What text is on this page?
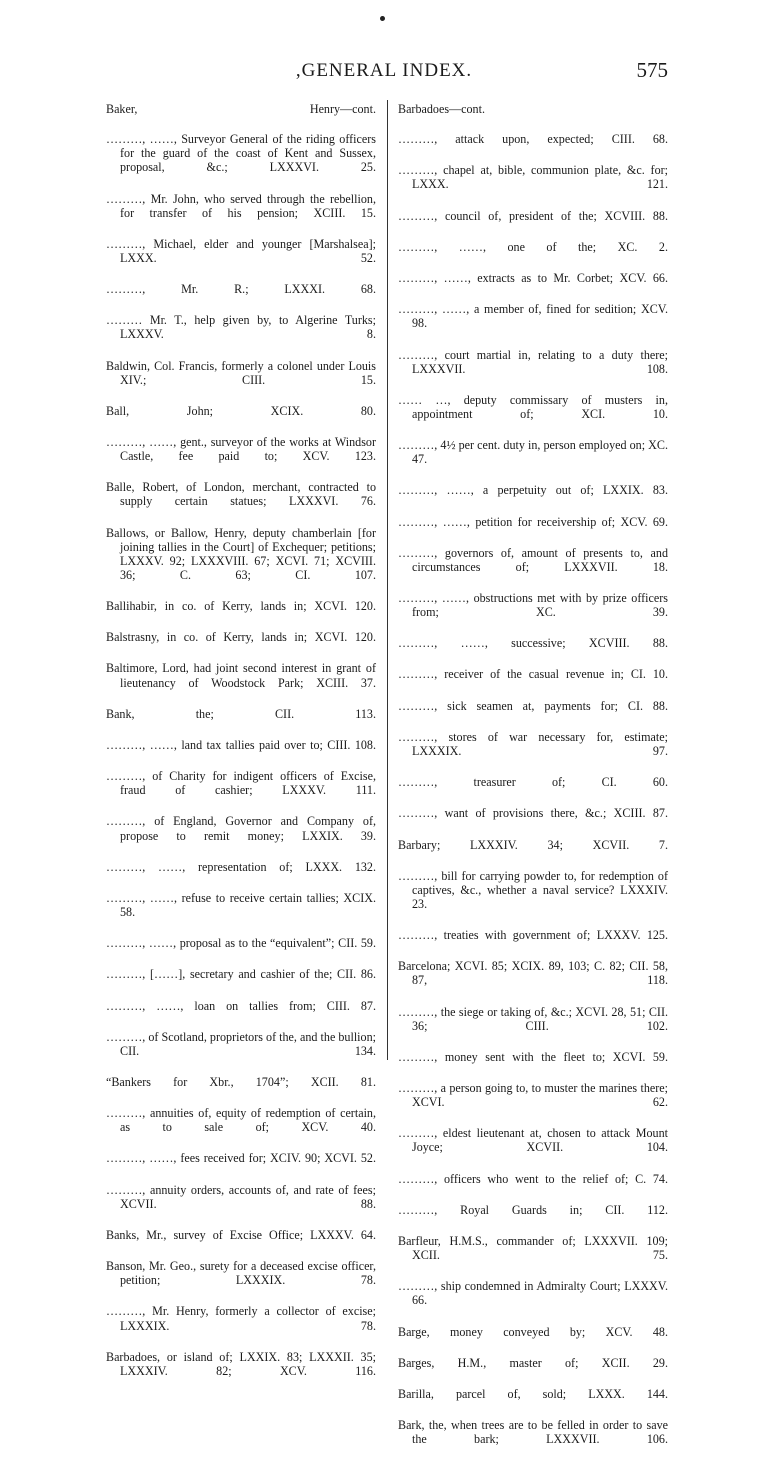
,GENERAL INDEX.	575
Baker, Henry—cont.
………, ……, Surveyor General of the riding officers for the guard of the coast of Kent and Sussex, proposal, &c.; LXXXVI. 25.
………, Mr. John, who served through the rebellion, for transfer of his pension; XCIII. 15.
………, Michael, elder and younger [Marshalsea]; LXXX. 52.
………, Mr. R.; LXXXI. 68.
……… Mr. T., help given by, to Algerine Turks; LXXXV. 8.
Baldwin, Col. Francis, formerly a colonel under Louis XIV.; CIII. 15.
Ball, John; XCIX. 80.
………, ……, gent., surveyor of the works at Windsor Castle, fee paid to; XCV. 123.
Balle, Robert, of London, merchant, contracted to supply certain statues; LXXXVI. 76.
Ballows, or Ballow, Henry, deputy chamberlain [for joining tallies in the Court] of Exchequer; petitions; LXXXV. 92; LXXXVIII. 67; XCVI. 71; XCVIII. 36; C. 63; CI. 107.
Ballihabir, in co. of Kerry, lands in; XCVI. 120.
Balstrasny, in co. of Kerry, lands in; XCVI. 120.
Baltimore, Lord, had joint second interest in grant of lieutenancy of Woodstock Park; XCIII. 37.
Bank, the; CII. 113.
………, ……, land tax tallies paid over to; CIII. 108.
………, of Charity for indigent officers of Excise, fraud of cashier; LXXXV. 111.
………, of England, Governor and Company of, propose to remit money; LXXIX. 39.
………, ……, representation of; LXXX. 132.
………, ……, refuse to receive certain tallies; XCIX. 58.
………, ……, proposal as to the “equivalent”; CII. 59.
………, [……], secretary and cashier of the; CII. 86.
………, ……, loan on tallies from; CIII. 87.
………, of Scotland, proprietors of the, and the bullion; CII. 134.
“Bankers for Xbr., 1704”; XCII. 81.
………, annuities of, equity of redemption of certain, as to sale of; XCV. 40.
………, ……, fees received for; XCIV. 90; XCVI. 52.
………, annuity orders, accounts of, and rate of fees; XCVII. 88.
Banks, Mr., survey of Excise Office; LXXXV. 64.
Banson, Mr. Geo., surety for a deceased excise officer, petition; LXXXIX. 78.
………, Mr. Henry, formerly a collector of excise; LXXXIX. 78.
Barbadoes, or island of; LXXIX. 83; LXXXII. 35; LXXXIV. 82; XCV. 116.
Barbadoes—cont.
………, attack upon, expected; CIII. 68.
………, chapel at, bible, communion plate, &c. for; LXXX. 121.
………, council of, president of the; XCVIII. 88.
………, ……, one of the; XC. 2.
………, ……, extracts as to Mr. Corbet; XCV. 66.
………, ……, a member of, fined for sedition; XCV. 98.
………, court martial in, relating to a duty there; LXXXVII. 108.
…… …, deputy commissary of musters in, appointment of; XCI. 10.
………, 4½ per cent. duty in, person employed on; XC. 47.
………, ……, a perpetuity out of; LXXIX. 83.
………, ……, petition for receivership of; XCV. 69.
………, governors of, amount of presents to, and circumstances of; LXXXVII. 18.
………, ……, obstructions met with by prize officers from; XC. 39.
………, ……, successive; XCVIII. 88.
………, receiver of the casual revenue in; CI. 10.
………, sick seamen at, payments for; CI. 88.
………, stores of war necessary for, estimate; LXXXIX. 97.
………, treasurer of; CI. 60.
………, want of provisions there, &c.; XCIII. 87.
Barbary; LXXXIV. 34; XCVII. 7.
………, bill for carrying powder to, for redemption of captives, &c., whether a naval service? LXXXIV. 23.
………, treaties with government of; LXXXV. 125.
Barcelona; XCVI. 85; XCIX. 89, 103; C. 82; CII. 58, 87, 118.
………, the siege or taking of, &c.; XCVI. 28, 51; CII. 36; CIII. 102.
………, money sent with the fleet to; XCVI. 59.
………, a person going to, to muster the marines there; XCVI. 62.
………, eldest lieutenant at, chosen to attack Mount Joyce; XCVII. 104.
………, officers who went to the relief of; C. 74.
………, Royal Guards in; CII. 112.
Barfleur, H.M.S., commander of; LXXXVII. 109; XCII. 75.
………, ship condemned in Admiralty Court; LXXXV. 66.
Barge, money conveyed by; XCV. 48.
Barges, H.M., master of; XCII. 29.
Barilla, parcel of, sold; LXXX. 144.
Bark, the, when trees are to be felled in order to save the bark; LXXXVII. 106.
